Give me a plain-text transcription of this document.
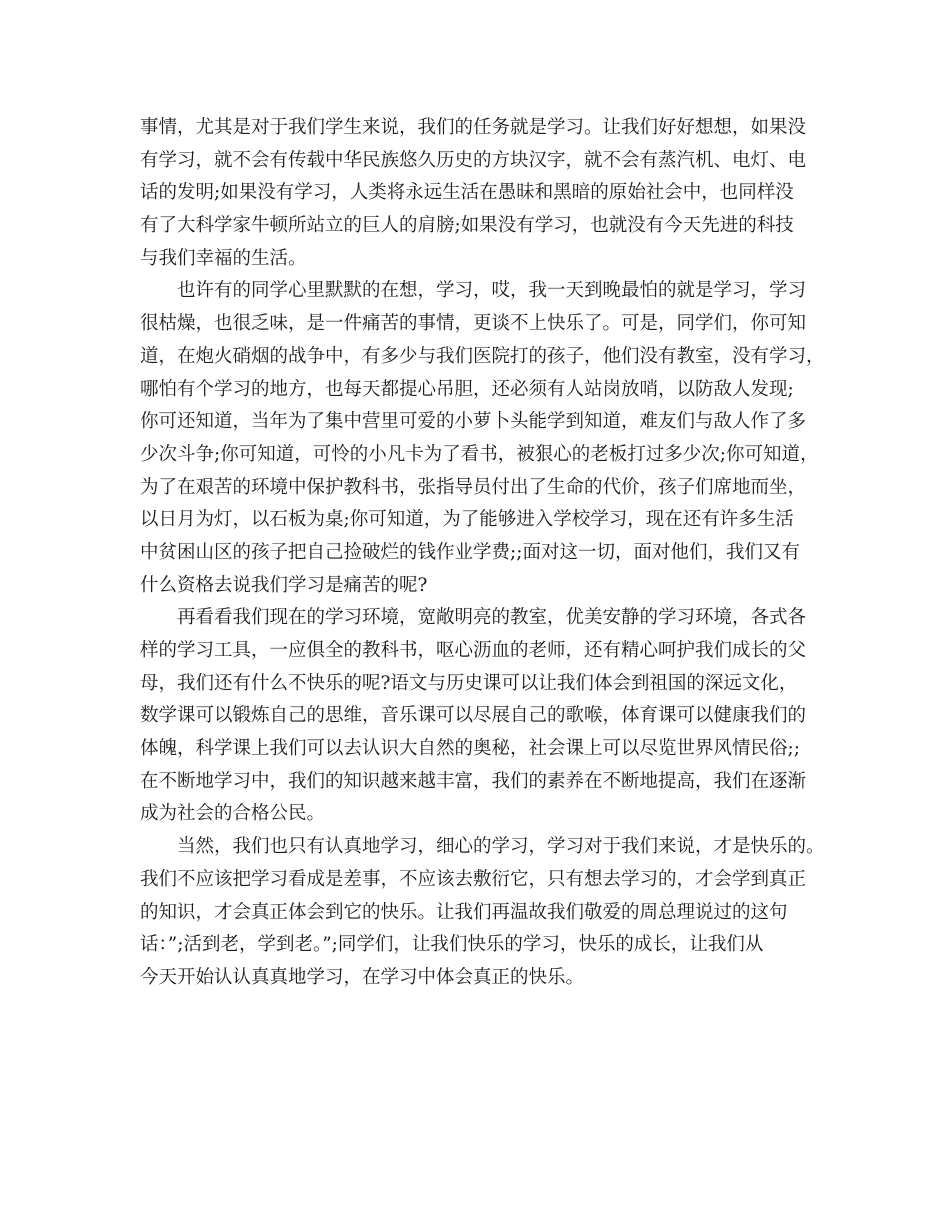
事情，尤其是对于我们学生来说，我们的任务就是学习。让我们好好想想，如果没
有学习，就不会有传载中华民族悠久历史的方块汉字，就不会有蒸汽机、电灯、电
话的发明;如果没有学习，人类将永远生活在愚昧和黑暗的原始社会中，也同样没
有了大科学家牛顿所站立的巨人的肩膀;如果没有学习，也就没有今天先进的科技
与我们幸福的生活。
也许有的同学心里默默的在想，学习，哎，我一天到晚最怕的就是学习，学习
很枯燥，也很乏味，是一件痛苦的事情，更谈不上快乐了。可是，同学们，你可知
道，在炮火硝烟的战争中，有多少与我们医院打的孩子，他们没有教室，没有学习，
哪怕有个学习的地方，也每天都提心吊胆，还必须有人站岗放哨，以防敌人发现;
你可还知道，当年为了集中营里可爱的小萝卜头能学到知道，难友们与敌人作了多
少次斗争;你可知道，可怜的小凡卡为了看书，被狠心的老板打过多少次;你可知道，
为了在艰苦的环境中保护教科书，张指导员付出了生命的代价，孩子们席地而坐，
以日月为灯，以石板为桌;你可知道，为了能够进入学校学习，现在还有许多生活
中贫困山区的孩子把自己捡破烂的钱作业学费;;面对这一切，面对他们，我们又有
什么资格去说我们学习是痛苦的呢?
再看看我们现在的学习环境，宽敞明亮的教室，优美安静的学习环境，各式各
样的学习工具，一应俱全的教科书，呕心沥血的老师，还有精心呵护我们成长的父
母，我们还有什么不快乐的呢?语文与历史课可以让我们体会到祖国的深远文化，
数学课可以锻炼自己的思维，音乐课可以尽展自己的歌喉，体育课可以健康我们的
体魄，科学课上我们可以去认识大自然的奥秘，社会课上可以尽览世界风情民俗;;
在不断地学习中，我们的知识越来越丰富，我们的素养在不断地提高，我们在逐渐
成为社会的合格公民。
当然，我们也只有认真地学习，细心的学习，学习对于我们来说，才是快乐的。
我们不应该把学习看成是差事，不应该去敷衍它，只有想去学习的，才会学到真正
的知识，才会真正体会到它的快乐。让我们再温故我们敬爱的周总理说过的这句
话：”;活到老，学到老。”;同学们，让我们快乐的学习，快乐的成长，让我们从
今天开始认认真真地学习，在学习中体会真正的快乐。
